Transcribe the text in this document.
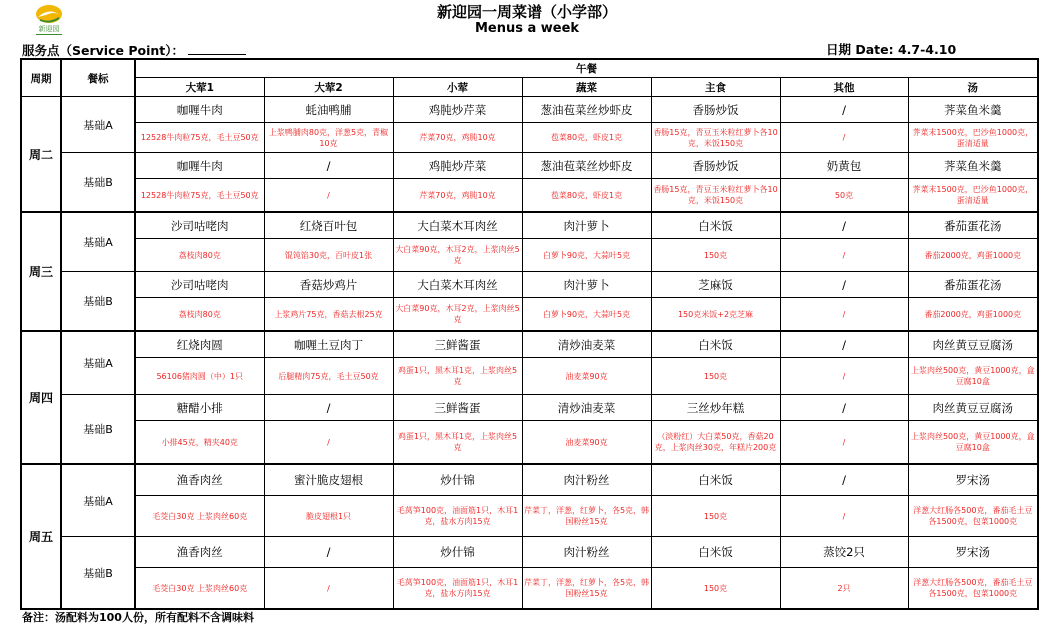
新迎园
新迎园一周菜谱（小学部）
Menus a week
服务点（Service Point）：	日期 Date: 4.7-4.10
周期	餐标	午餐						
		大荤1	大荤2	小荤	蔬菜	主食	其他	汤
周二	基础A	咖喱牛肉	蚝油鸭脯	鸡肫炒芹菜	葱油苞菜丝炒虾皮	香肠炒饭	/	荠菜鱼米羹
		12528牛肉粒75克，毛土豆50克	上浆鸭脯肉80克，洋葱5克，青椒10克	芹菜70克，鸡肫10克	苞菜80克，虾皮1克	香肠15克，青豆玉米粒红萝卜各10克，米饭150克	/	荠菜末1500克，巴沙鱼1000克，蛋清适量
	基础B	咖喱牛肉	/	鸡肫炒芹菜	葱油苞菜丝炒虾皮	香肠炒饭	奶黄包	荠菜鱼米羹
		12528牛肉粒75克，毛土豆50克	/	芹菜70克，鸡肫10克	苞菜80克，虾皮1克	香肠15克，青豆玉米粒红萝卜各10克，米饭150克	50克	荠菜末1500克，巴沙鱼1000克，蛋清适量
周三	基础A	沙司咕咾肉	红烧百叶包	大白菜木耳肉丝	肉汁萝卜	白米饭	/	番茄蛋花汤
		荔枝肉80克	馄饨馅30克，百叶皮1张	大白菜90克，木耳2克，上浆肉丝5克	白萝卜90克，大蒜叶5克	150克	/	番茄2000克，鸡蛋1000克
	基础B	沙司咕咾肉	香菇炒鸡片	大白菜木耳肉丝	肉汁萝卜	芝麻饭	/	番茄蛋花汤
		荔枝肉80克	上浆鸡片75克，香菇去根25克	大白菜90克，木耳2克，上浆肉丝5克	白萝卜90克，大蒜叶5克	150克米饭+2克芝麻	/	番茄2000克，鸡蛋1000克
周四	基础A	红烧肉圆	咖喱土豆肉丁	三鲜酱蛋	清炒油麦菜	白米饭	/	肉丝黄豆豆腐汤
		56106猪肉圆（中）1只	后腿精肉75克，毛土豆50克	鸡蛋1只，黑木耳1克，上浆肉丝5克	油麦菜90克	150克	/	上浆肉丝500克，黄豆1000克，盒豆腐10盒
	基础B	糖醋小排	/	三鲜酱蛋	清炒油麦菜	三丝炒年糕	/	肉丝黄豆豆腐汤
		小排45克，精夹40克	/	鸡蛋1只，黑木耳1克，上浆肉丝5克	油麦菜90克	（淡粉红）大白菜50克，香菇20克，上浆肉丝30克，年糕片200克	/	上浆肉丝500克，黄豆1000克，盒豆腐10盒
周五	基础A	渔香肉丝	蜜汁脆皮翅根	炒什锦	肉汁粉丝	白米饭	/	罗宋汤
		毛茭白30克 上浆肉丝60克	脆皮翅根1只	毛莴笋100克，油面筋1只，木耳1克，盐水方肉15克	芹菜丁，洋葱，红萝卜，各5克，韩国粉丝15克	150克	/	洋葱大红肠各500克，番茄毛土豆各1500克，包菜1000克
	基础B	渔香肉丝	/	炒什锦	肉汁粉丝	白米饭	蒸饺2只	罗宋汤
		毛茭白30克 上浆肉丝60克	/	毛莴笋100克，油面筋1只，木耳1克，盐水方肉15克	芹菜丁，洋葱，红萝卜，各5克，韩国粉丝15克	150克	2只	洋葱大红肠各500克，番茄毛土豆各1500克，包菜1000克
备注：汤配料为100人份，所有配料不含调味料
